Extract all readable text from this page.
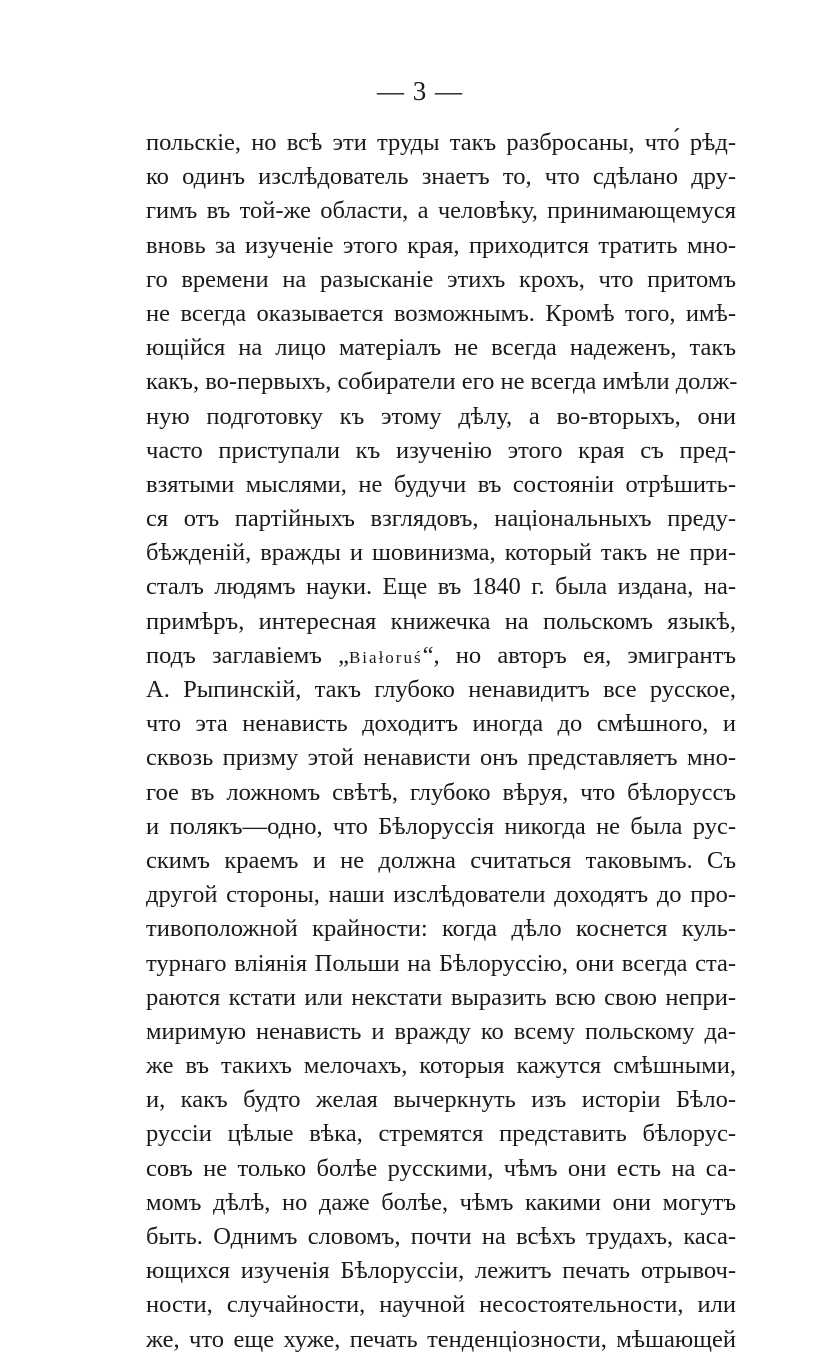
— 3 —
польскіе, но всѣ эти труды такъ разбросаны, что́ рѣд-
ко одинъ изслѣдователь знаетъ то, что сдѣлано дру-
гимъ въ той-же области, а человѣку, принимающемуся
вновь за изученіе этого края, приходится тратить мно-
го времени на разысканіе этихъ крохъ, что притомъ
не всегда оказывается возможнымъ. Кромѣ того, имѣ-
ющійся на лицо матеріалъ не всегда надеженъ, такъ
какъ, во-первыхъ, собиратели его не всегда имѣли долж-
ную подготовку къ этому дѣлу, а во-вторыхъ, они
часто приступали къ изученію этого края съ пред-
взятыми мыслями, не будучи въ состояніи отрѣшить-
ся отъ партійныхъ взглядовъ, національныхъ преду-
бѣжденій, вражды и шовинизма, который такъ не при-
сталъ людямъ науки. Еще въ 1840 г. была издана, на-
примѣръ, интересная книжечка на польскомъ языкѣ,
подъ заглавіемъ „Białoruś“, но авторъ ея, эмигрантъ
А. Рыпинскій, такъ глубоко ненавидитъ все русское,
что эта ненависть доходитъ иногда до смѣшного, и
сквозь призму этой ненависти онъ представляетъ мно-
гое въ ложномъ свѣтѣ, глубоко вѣруя, что бѣлоруссъ
и полякъ—одно, что Бѣлоруссія никогда не была рус-
скимъ краемъ и не должна считаться таковымъ. Съ
другой стороны, наши изслѣдователи доходятъ до про-
тивоположной крайности: когда дѣло коснется куль-
турнаго вліянія Польши на Бѣлоруссію, они всегда ста-
раются кстати или некстати выразить всю свою непри-
миримую ненависть и вражду ко всему польскому да-
же въ такихъ мелочахъ, которыя кажутся смѣшными,
и, какъ будто желая вычеркнуть изъ исторіи Бѣло-
руссіи цѣлые вѣка, стремятся представить бѣлорус-
совъ не только болѣе русскими, чѣмъ они есть на са-
момъ дѣлѣ, но даже болѣе, чѣмъ какими они могутъ
быть. Однимъ словомъ, почти на всѣхъ трудахъ, каса-
ющихся изученія Бѣлоруссіи, лежитъ печать отрывоч-
ности, случайности, научной несостоятельности, или
же, что еще хуже, печать тенденціозности, мѣшающей
